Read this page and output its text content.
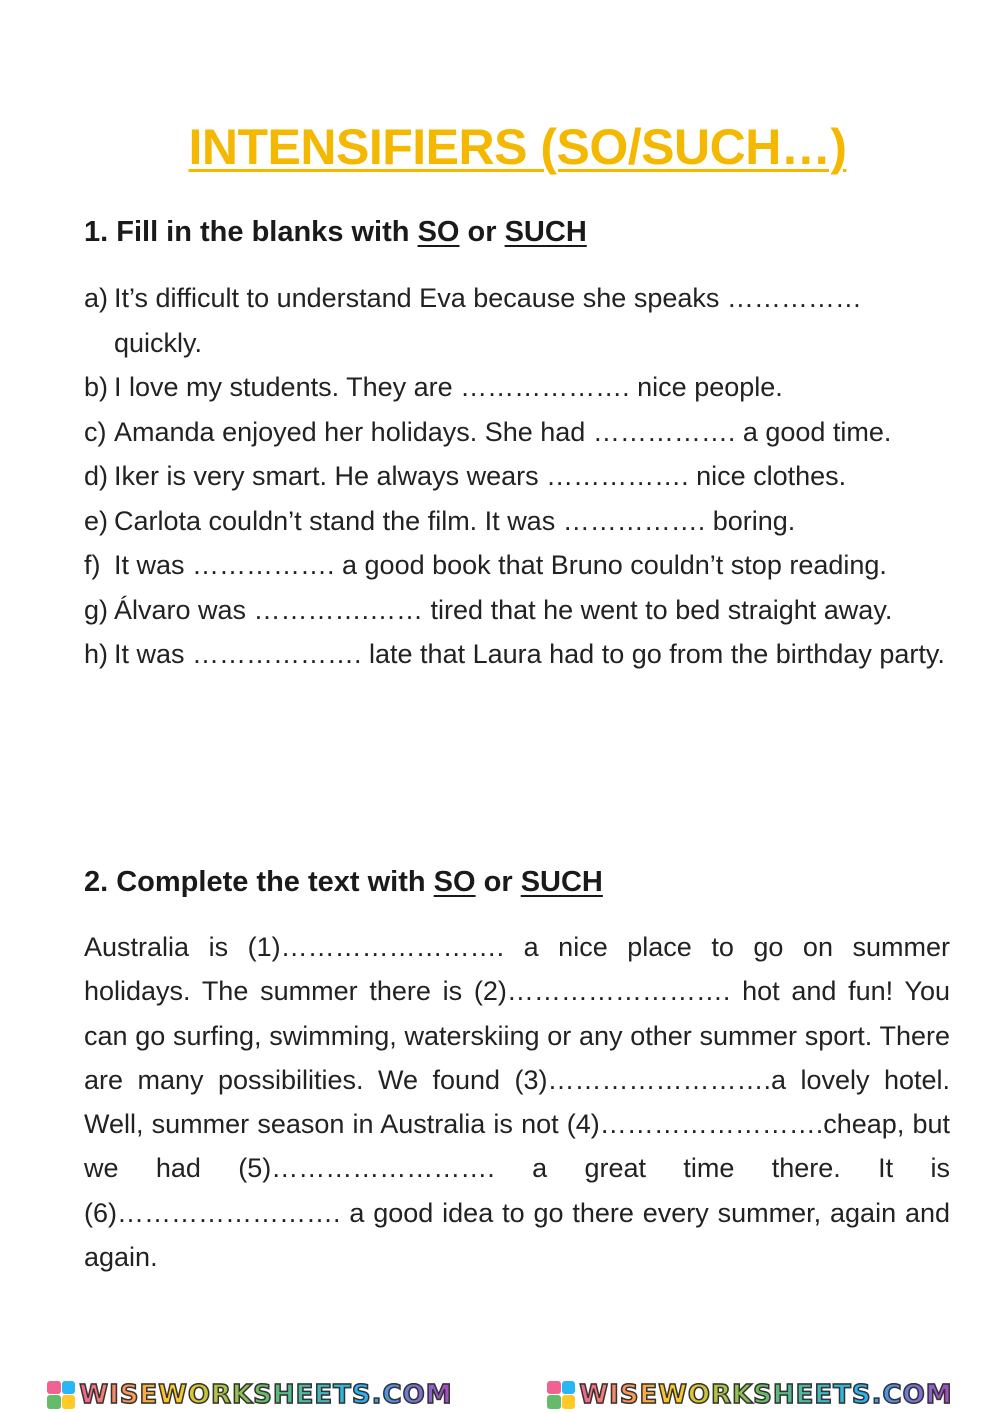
INTENSIFIERS (SO/SUCH…)
1. Fill in the blanks with SO or SUCH
a) It’s difficult to understand Eva because she speaks …………… quickly.
b) I love my students. They are ………………. nice people.
c) Amanda enjoyed her holidays. She had ……………. a good time.
d) Iker is very smart. He always wears ……………. nice clothes.
e) Carlota couldn’t stand the film. It was ……………. boring.
f) It was ……………. a good book that Bruno couldn’t stop reading.
g) Álvaro was ………….…… tired that he went to bed straight away.
h) It was ………………. late that Laura had to go from the birthday party.
2. Complete the text with SO or SUCH

Australia is (1)……………………. a nice place to go on summer holidays. The summer there is (2)……………………. hot and fun! You can go surfing, swimming, waterskiing or any other summer sport. There are many possibilities. We found (3)…………………….a lovely hotel. Well, summer season in Australia is not (4)…………………….cheap, but we had (5)……………………. a great time there. It is (6)……………………. a good idea to go there every summer, again and again.

WISEWORKSHEETS.COM	WISEWORKSHEETS.COM
